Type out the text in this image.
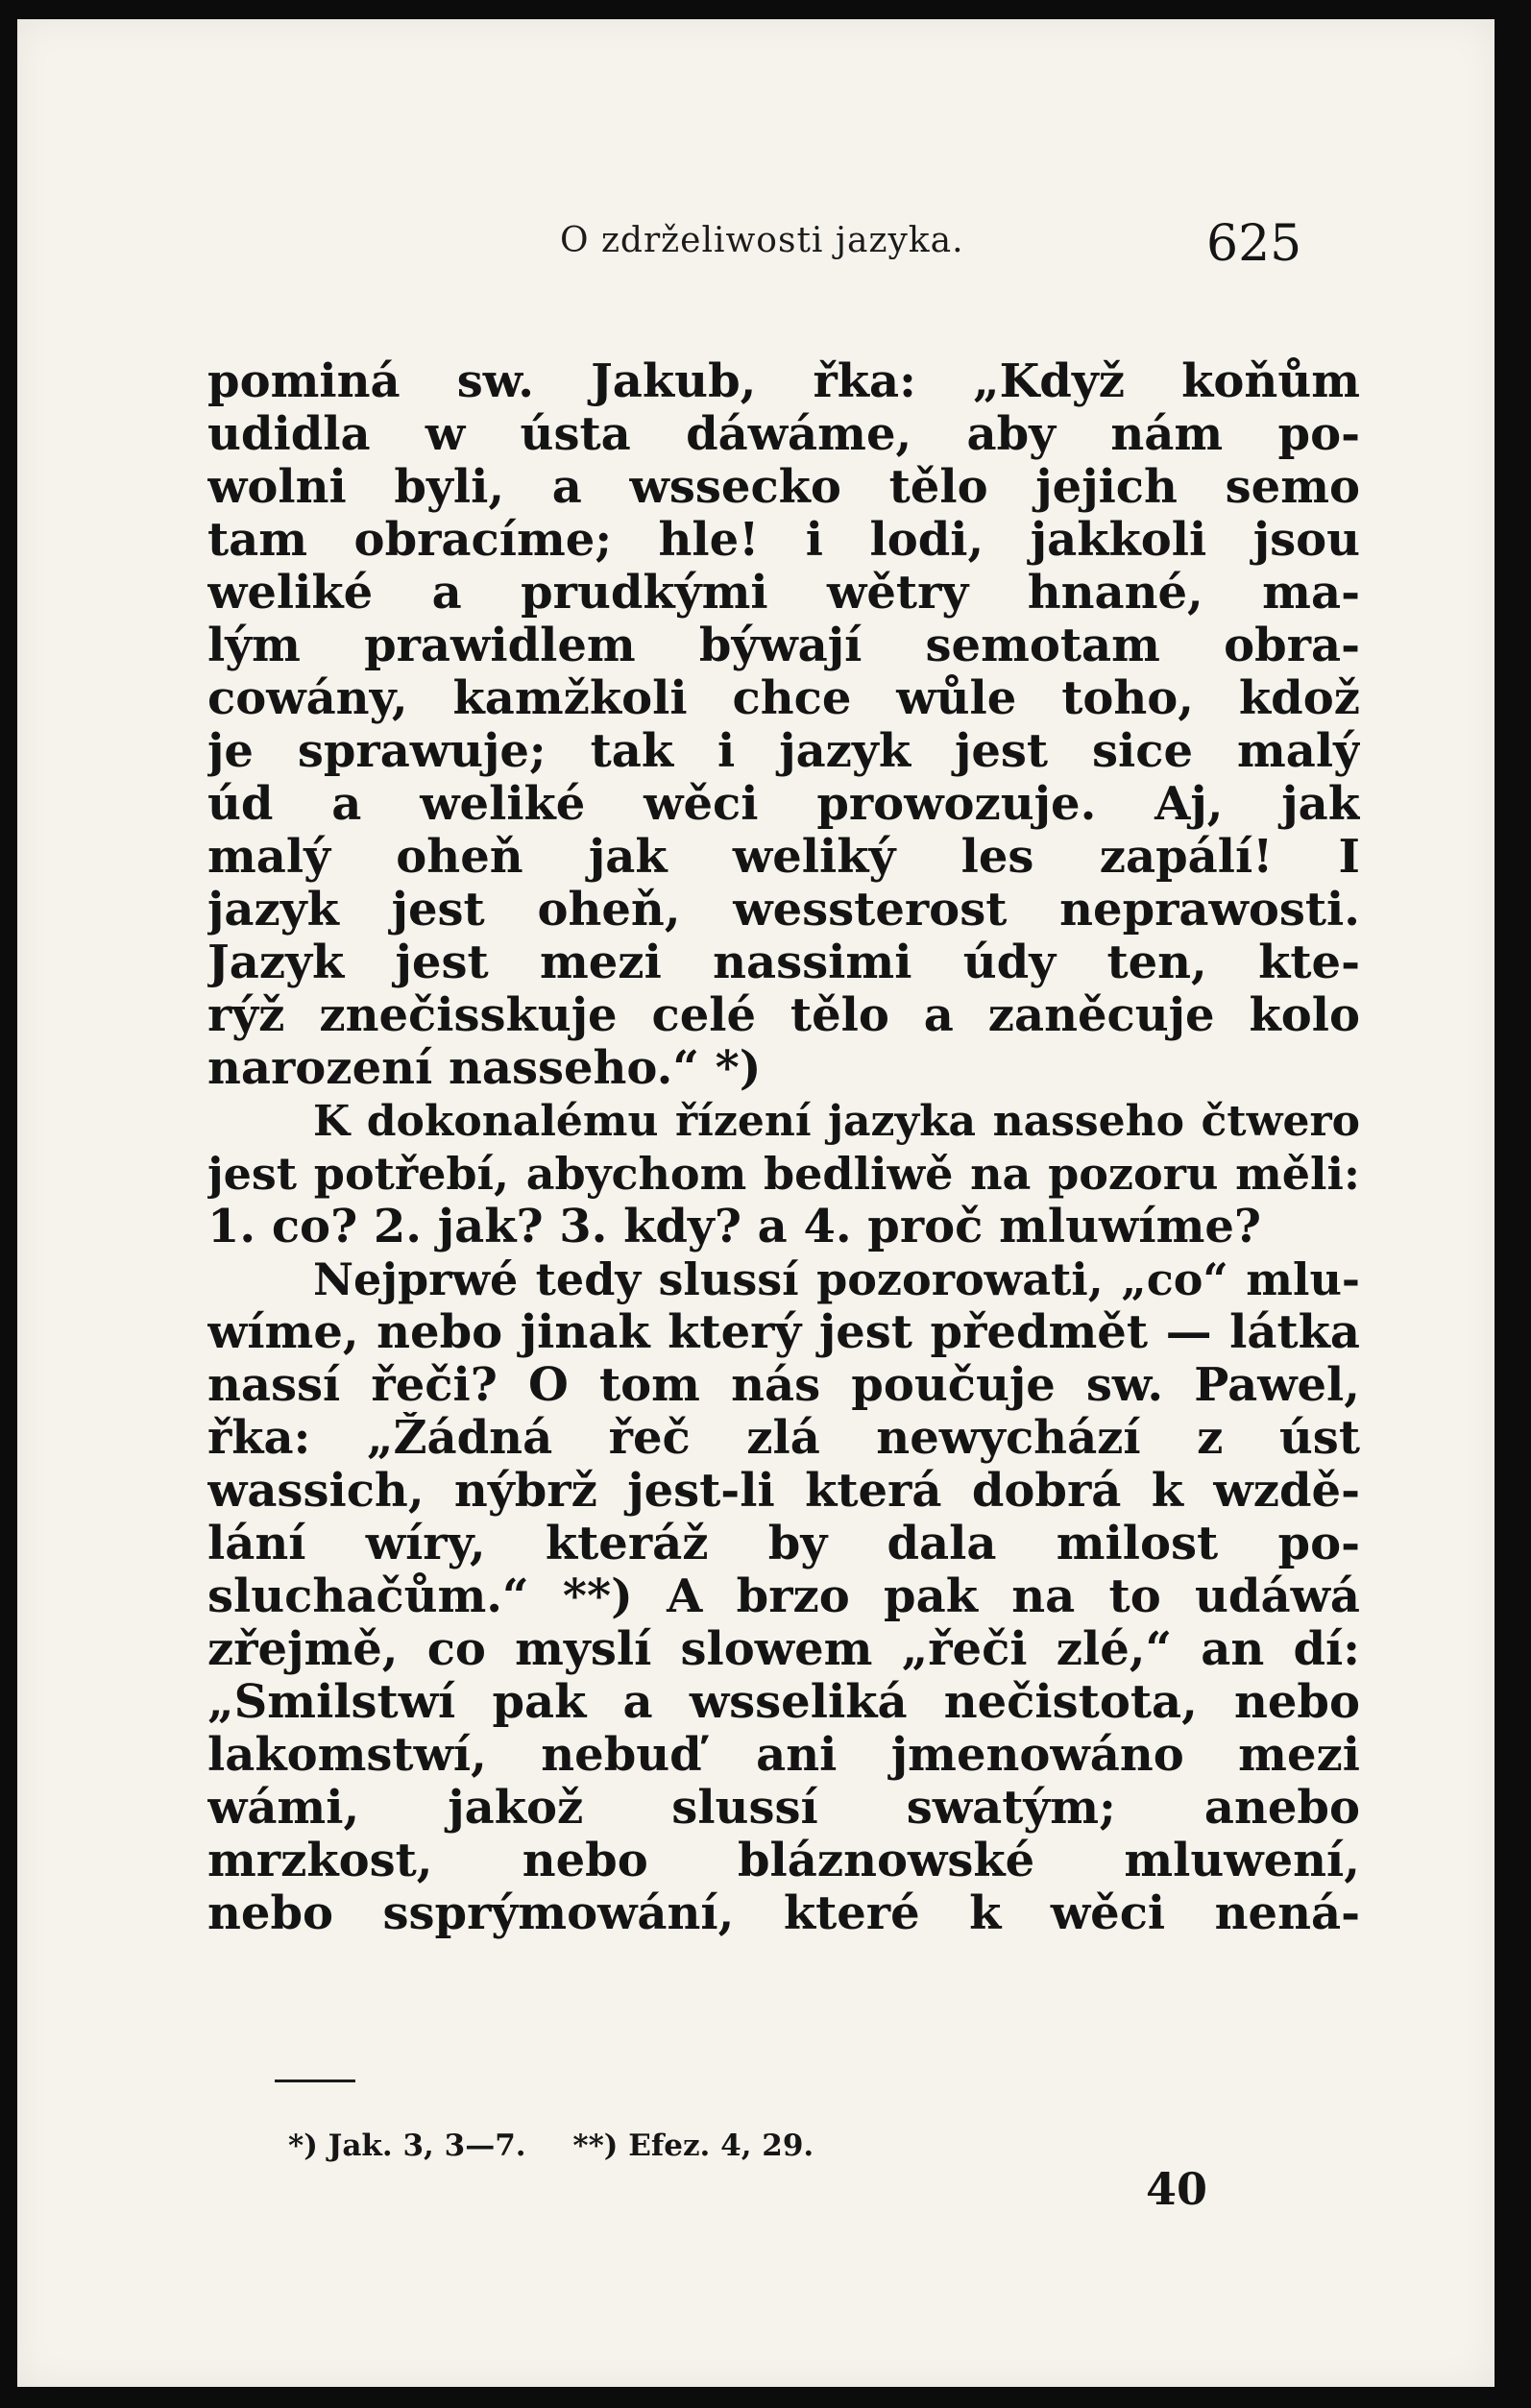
O zdrželiwosti jazyka.	625
pominá sw. Jakub, řka: „Když koňům
udidla w ústa dáwáme, aby nám po-
wolni byli, a wsseckо tělo jejich semo
tam obracíme; hle! i lodi, jakkoli jsou
weliké a prudkými wětry hnané, ma-
lým prawidlem býwají semotam obra-
cowány, kamžkoli chce wůle toho, kdož
je sprawuje; tak i jazyk jest sice malý
úd a weliké wěci prowozuje. Aj, jak
malý oheň jak weliký les zapálí! I
jazyk jest oheň, wessterost neprawosti.
Jazyk jest mezi nassimi údy ten, kte-
rýž znečisskuje celé tělo a zaněcuje kolo
narození nasseho.“ *)
K dokonalému řízení jazyka nasseho čtwero
jest potřebí, abychom bedliwě na pozoru měli:
1. co? 2. jak? 3. kdy? a 4. proč mluwíme?
Nejprwé tedy slussí pozorowati, „co“ mlu-
wíme, nebo jinak který jest předmět — látka
nassí řeči? O tom nás poučuje sw. Pawel,
řka: „Žádná řeč zlá newychází z úst
wassich, nýbrž jest-li která dobrá k wzdě-
lání wíry, kteráž by dala milost po-
sluchačům.“ **) A brzo pak na to udáwá
zřejmě, co myslí slowem „řeči zlé,“ an dí:
„Smilstwí pak a wsseliká nečistota, nebo
lakomstwí, nebuď ani jmenowáno mezi
wámi, jakož slussí swatým; anebo
mrzkost, nebo bláznowské mluwení,
nebo ssprýmowání, které k wěci nená-
*) Jak. 3, 3—7. **) Efez. 4, 29.
40
